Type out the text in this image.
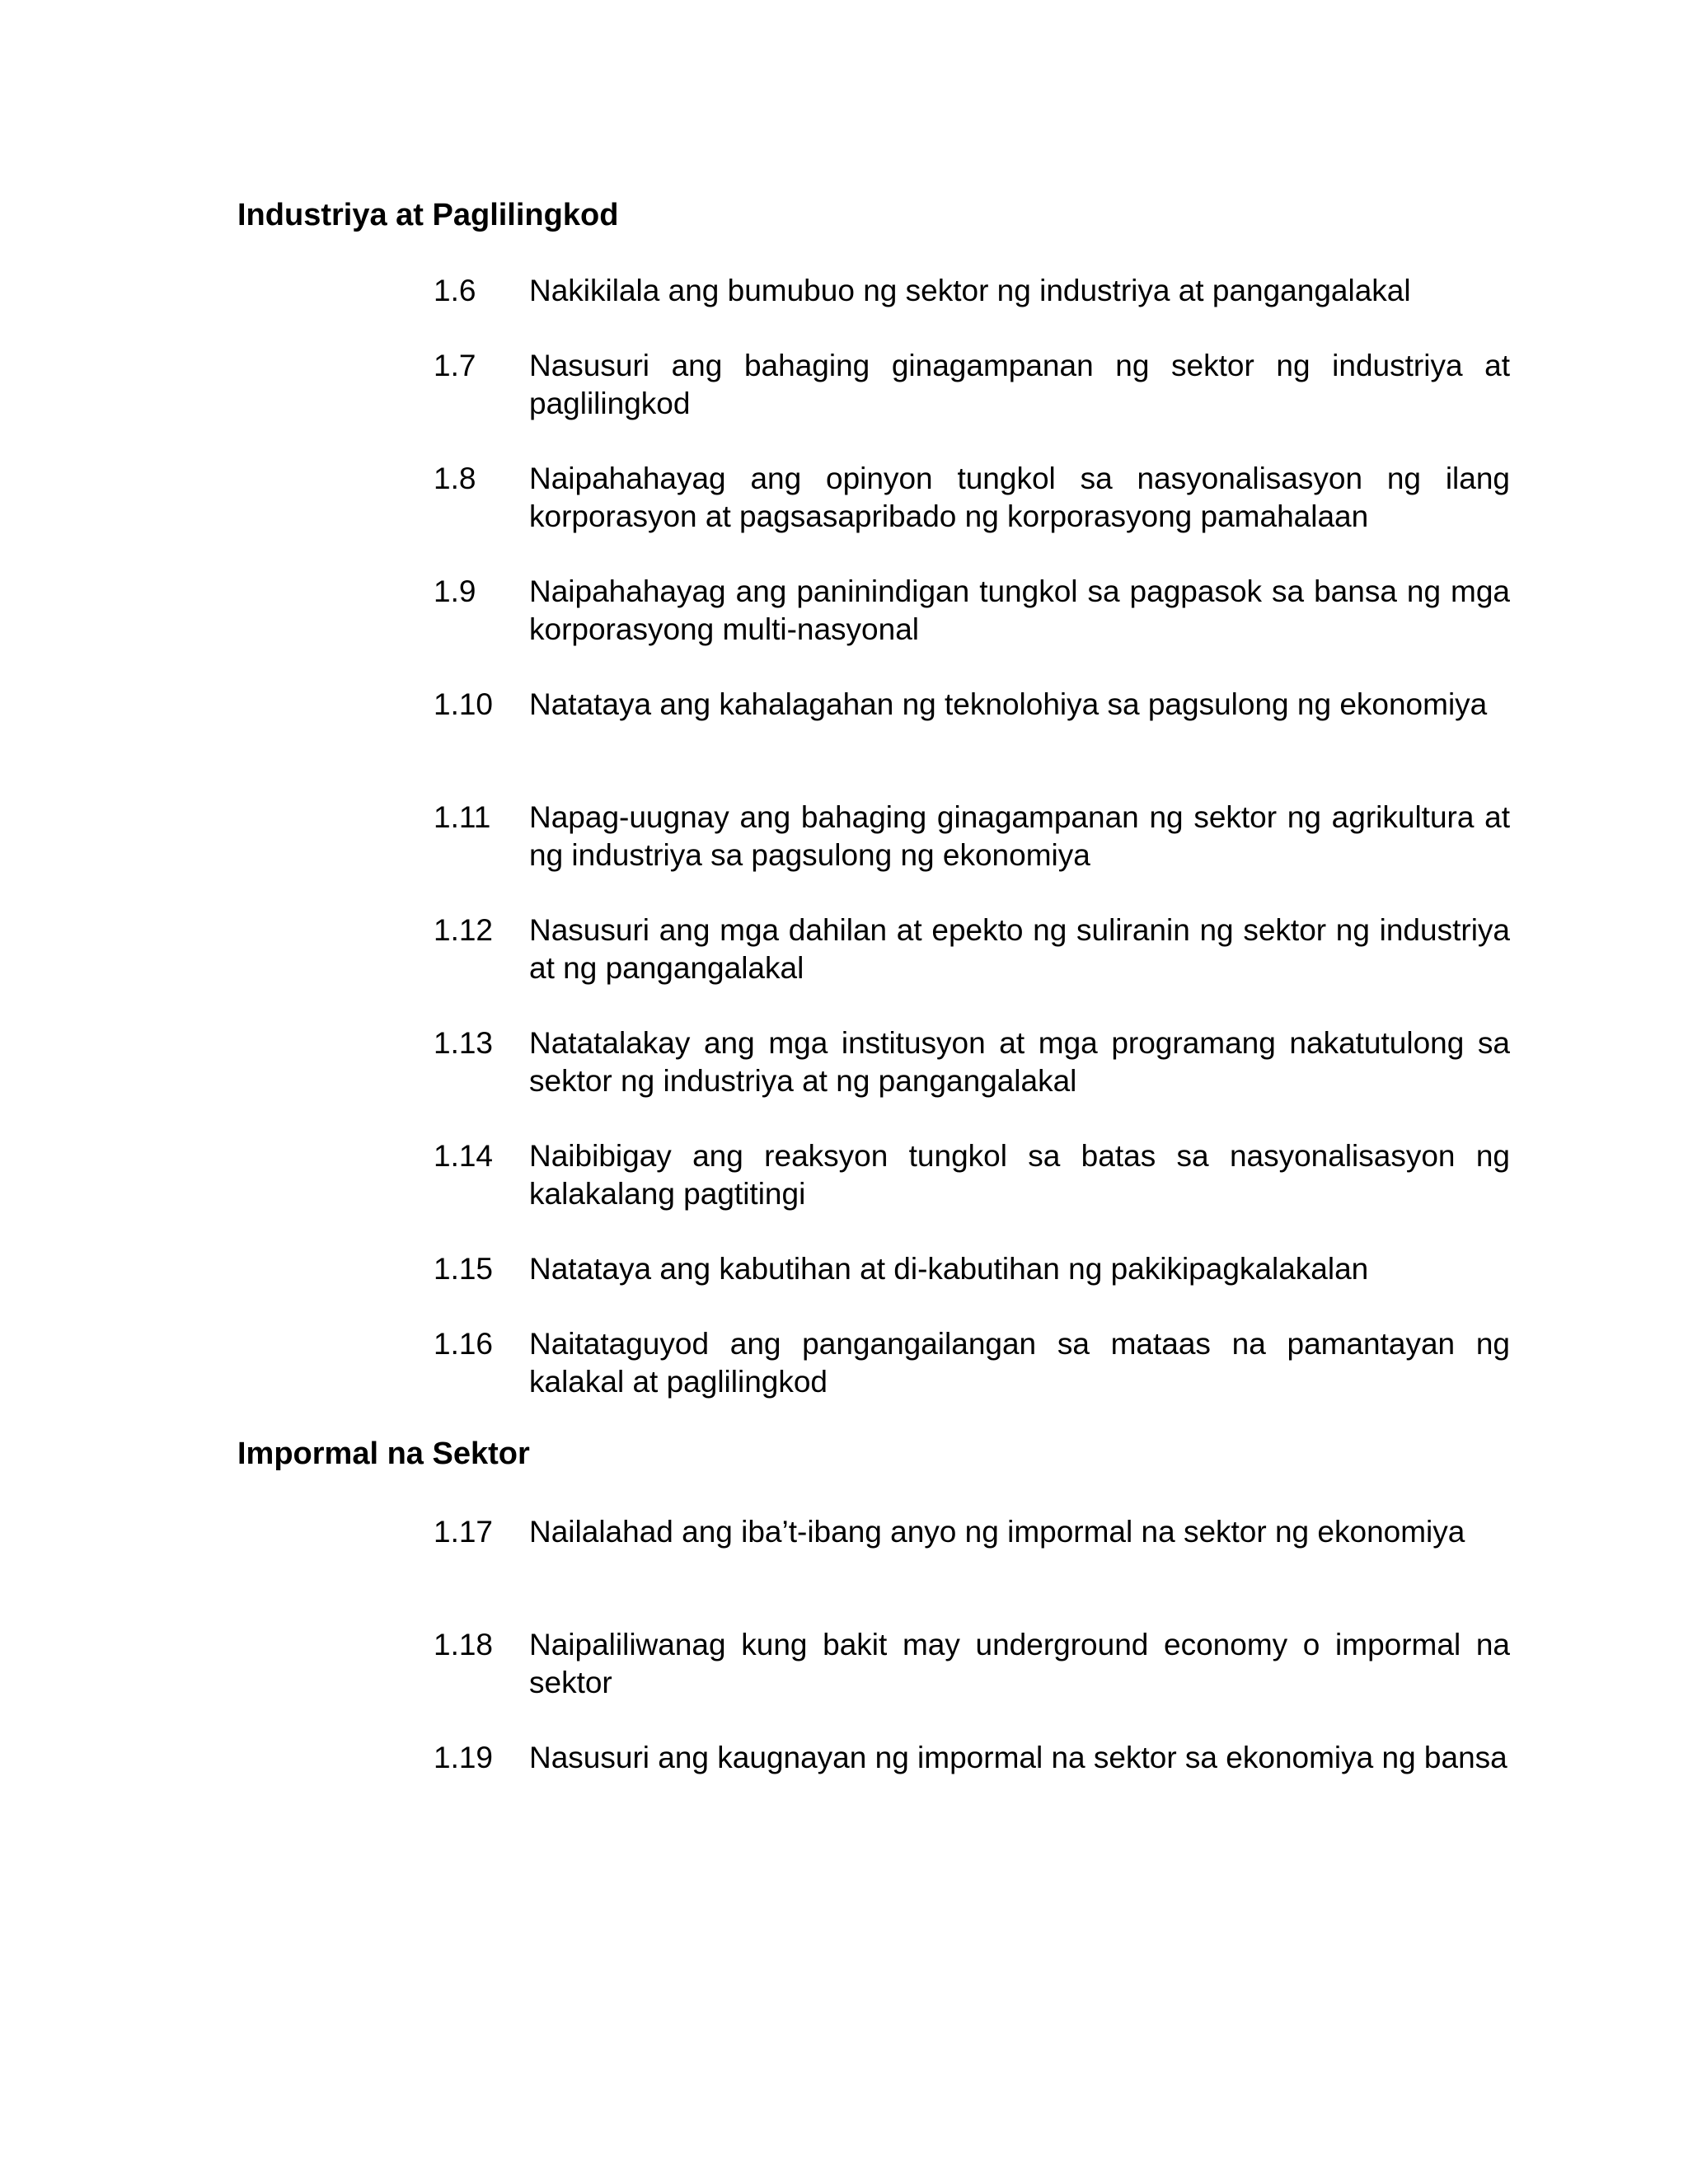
Industriya at Paglilingkod
1.6	Nakikilala ang bumubuo ng sektor ng industriya at pangangalakal
1.7	Nasusuri ang bahaging ginagampanan ng sektor ng industriya at paglilingkod
1.8	Naipahahayag ang opinyon tungkol sa nasyonalisasyon ng ilang korporasyon at pagsasapribado ng korporasyong pamahalaan
1.9	Naipahahayag ang paninindigan tungkol sa pagpasok sa bansa ng mga korporasyong multi-nasyonal
1.10	Natataya ang kahalagahan ng teknolohiya sa pagsulong ng ekonomiya
1.11	Napag-uugnay ang bahaging ginagampanan ng sektor ng agrikultura at ng industriya sa pagsulong ng ekonomiya
1.12	Nasusuri ang mga dahilan at epekto ng suliranin ng sektor ng industriya at ng pangangalakal
1.13	Natatalakay ang mga institusyon at mga programang nakatutulong sa sektor ng industriya at ng pangangalakal
1.14	Naibibigay ang reaksyon tungkol sa batas sa nasyonalisasyon ng kalakalang pagtitingi
1.15	Natataya ang kabutihan at di-kabutihan ng pakikipagkalakalan
1.16	Naitataguyod ang pangangailangan sa mataas na pamantayan ng kalakal at paglilingkod
Impormal na Sektor
1.17	Nailalahad ang iba’t-ibang anyo ng impormal na sektor ng ekonomiya
1.18	Naipaliliwanag kung bakit may underground economy o impormal na sektor
1.19	Nasusuri ang kaugnayan ng impormal na sektor sa ekonomiya ng bansa
